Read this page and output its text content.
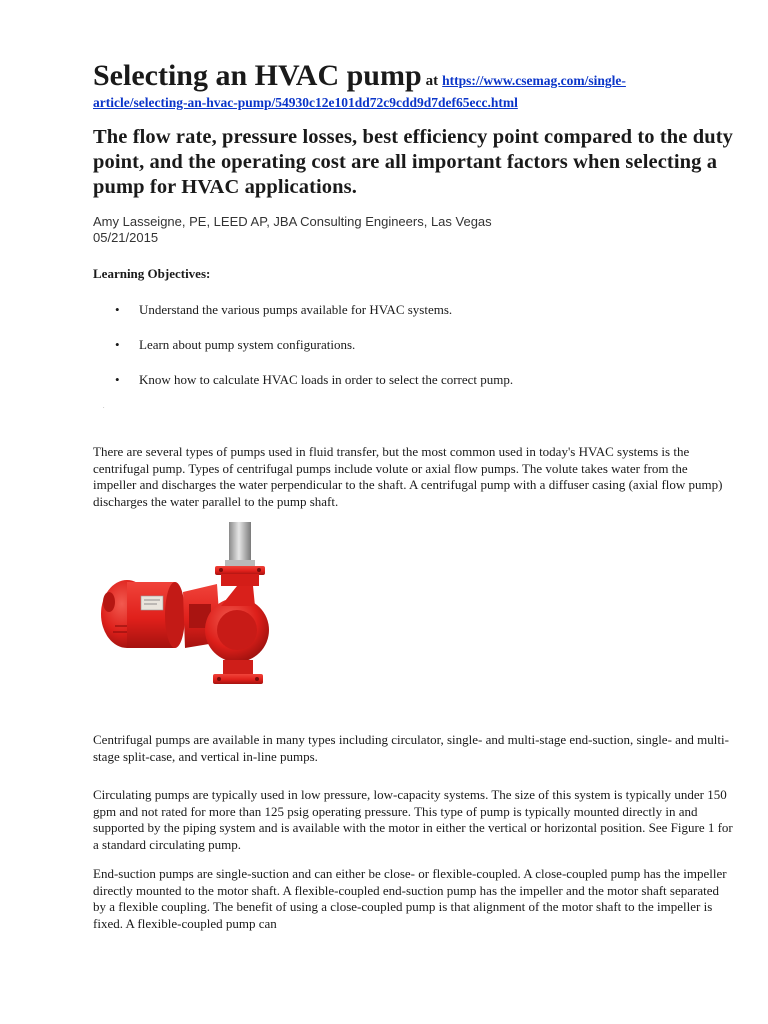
Selecting an HVAC pump at https://www.csemag.com/single-

article/selecting-an-hvac-pump/54930c12e101dd72c9cdd9d7def65ecc.html

The flow rate, pressure losses, best efficiency point compared to the duty point, and the operating cost are all important factors when selecting a pump for HVAC applications.

Amy Lasseigne, PE, LEED AP, JBA Consulting Engineers, Las Vegas
05/21/2015
Learning Objectives:
• Understand the various pumps available for HVAC systems.
• Learn about pump system configurations.
• Know how to calculate HVAC loads in order to select the correct pump.

There are several types of pumps used in fluid transfer, but the most common used in today's HVAC systems is the centrifugal pump. Types of centrifugal pumps include volute or axial flow pumps. The volute takes water from the impeller and discharges the water perpendicular to the shaft. A centrifugal pump with a diffuser casing (axial flow pump) discharges the water parallel to the pump shaft.

Centrifugal pumps are available in many types including circulator, single- and multi-stage end-suction, single- and multi-stage split-case, and vertical in-line pumps.

Circulating pumps are typically used in low pressure, low-capacity systems. The size of this system is typically under 150 gpm and not rated for more than 125 psig operating pressure. This type of pump is typically mounted directly in and supported by the piping system and is available with the motor in either the vertical or horizontal position. See Figure 1 for a standard circulating pump.

End-suction pumps are single-suction and can either be close- or flexible-coupled. A close-coupled pump has the impeller directly mounted to the motor shaft. A flexible-coupled end-suction pump has the impeller and the motor shaft separated by a flexible coupling. The benefit of using a close-coupled pump is that alignment of the motor shaft to the impeller is fixed. A flexible-coupled pump can

.
